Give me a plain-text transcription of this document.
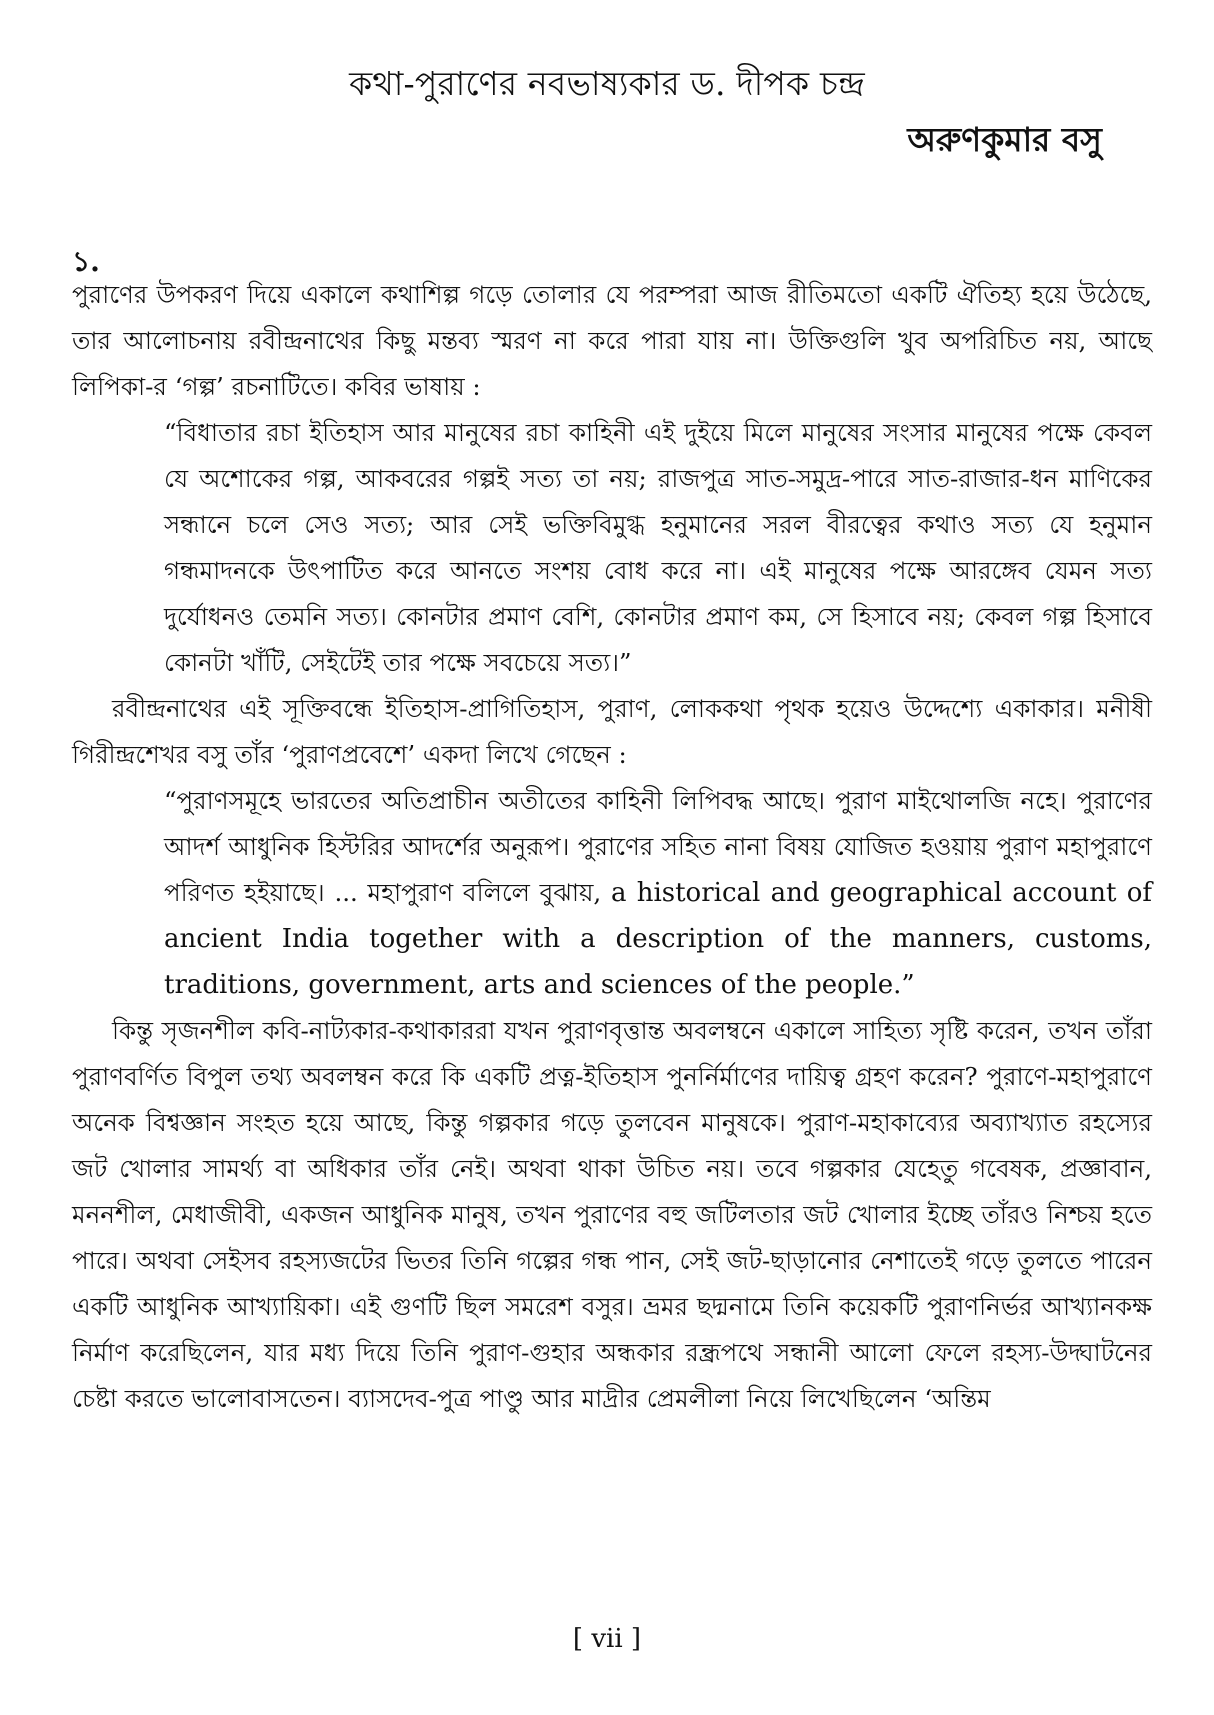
কথা-পুরাণের নবভাষ্যকার ড. দীপক চন্দ্র
অরুণকুমার বসু
১.

পুরাণের উপকরণ দিয়ে একালে কথাশিল্প গড়ে তোলার যে পরম্পরা আজ রীতিমতো একটি ঐতিহ্য হয়ে উঠেছে, তার আলোচনায় রবীন্দ্রনাথের কিছু মন্তব্য স্মরণ না করে পারা যায় না। উক্তিগুলি খুব অপরিচিত নয়, আছে লিপিকা-র ‘গল্প’ রচনাটিতে। কবির ভাষায় :

“বিধাতার রচা ইতিহাস আর মানুষের রচা কাহিনী এই দুইয়ে মিলে মানুষের সংসার মানুষের পক্ষে কেবল যে অশোকের গল্প, আকবরের গল্পই সত্য তা নয়; রাজপুত্র সাত-সমুদ্র-পারে সাত-রাজার-ধন মাণিকের সন্ধানে চলে সেও সত্য; আর সেই ভক্তিবিমুগ্ধ হনুমানের সরল বীরত্বের কথাও সত্য যে হনুমান গন্ধমাদনকে উৎপাটিত করে আনতে সংশয় বোধ করে না। এই মানুষের পক্ষে আরঙ্গেব যেমন সত্য দুর্যোধনও তেমনি সত্য। কোনটার প্রমাণ বেশি, কোনটার প্রমাণ কম, সে হিসাবে নয়; কেবল গল্প হিসাবে কোনটা খাঁটি, সেইটেই তার পক্ষে সবচেয়ে সত্য।”

রবীন্দ্রনাথের এই সূক্তিবন্ধে ইতিহাস-প্রাগিতিহাস, পুরাণ, লোককথা পৃথক হয়েও উদ্দেশ্যে একাকার। মনীষী গিরীন্দ্রশেখর বসু তাঁর ‘পুরাণপ্রবেশে’ একদা লিখে গেছেন :

“পুরাণসমূহে ভারতের অতিপ্রাচীন অতীতের কাহিনী লিপিবদ্ধ আছে। পুরাণ মাইথোলজি নহে। পুরাণের আদর্শ আধুনিক হিস্টরির আদর্শের অনুরূপ। পুরাণের সহিত নানা বিষয় যোজিত হওয়ায় পুরাণ মহাপুরাণে পরিণত হইয়াছে। ... মহাপুরাণ বলিলে বুঝায়, a historical and geographical account of ancient India together with a description of the manners, customs, traditions, government, arts and sciences of the people.”

কিন্তু সৃজনশীল কবি-নাট্যকার-কথাকাররা যখন পুরাণবৃত্তান্ত অবলম্বনে একালে সাহিত্য সৃষ্টি করেন, তখন তাঁরা পুরাণবর্ণিত বিপুল তথ্য অবলম্বন করে কি একটি প্রত্ন-ইতিহাস পুনর্নির্মাণের দায়িত্ব গ্রহণ করেন? পুরাণে-মহাপুরাণে অনেক বিশ্বজ্ঞান সংহত হয়ে আছে, কিন্তু গল্পকার গড়ে তুলবেন মানুষকে। পুরাণ-মহাকাব্যের অব্যাখ্যাত রহস্যের জট খোলার সামর্থ্য বা অধিকার তাঁর নেই। অথবা থাকা উচিত নয়। তবে গল্পকার যেহেতু গবেষক, প্রজ্ঞাবান, মননশীল, মেধাজীবী, একজন আধুনিক মানুষ, তখন পুরাণের বহু জটিলতার জট খোলার ইচ্ছে তাঁরও নিশ্চয় হতে পারে। অথবা সেইসব রহস্যজটের ভিতর তিনি গল্পের গন্ধ পান, সেই জট-ছাড়ানোর নেশাতেই গড়ে তুলতে পারেন একটি আধুনিক আখ্যায়িকা। এই গুণটি ছিল সমরেশ বসুর। ভ্রমর ছদ্মনামে তিনি কয়েকটি পুরাণনির্ভর আখ্যানকক্ষ নির্মাণ করেছিলেন, যার মধ্য দিয়ে তিনি পুরাণ-গুহার অন্ধকার রন্ধ্রপথে সন্ধানী আলো ফেলে রহস্য-উদ্ঘাটনের চেষ্টা করতে ভালোবাসতেন। ব্যাসদেব-পুত্র পাণ্ডু আর মাদ্রীর প্রেমলীলা নিয়ে লিখেছিলেন ‘অন্তিম

[ vii ]
